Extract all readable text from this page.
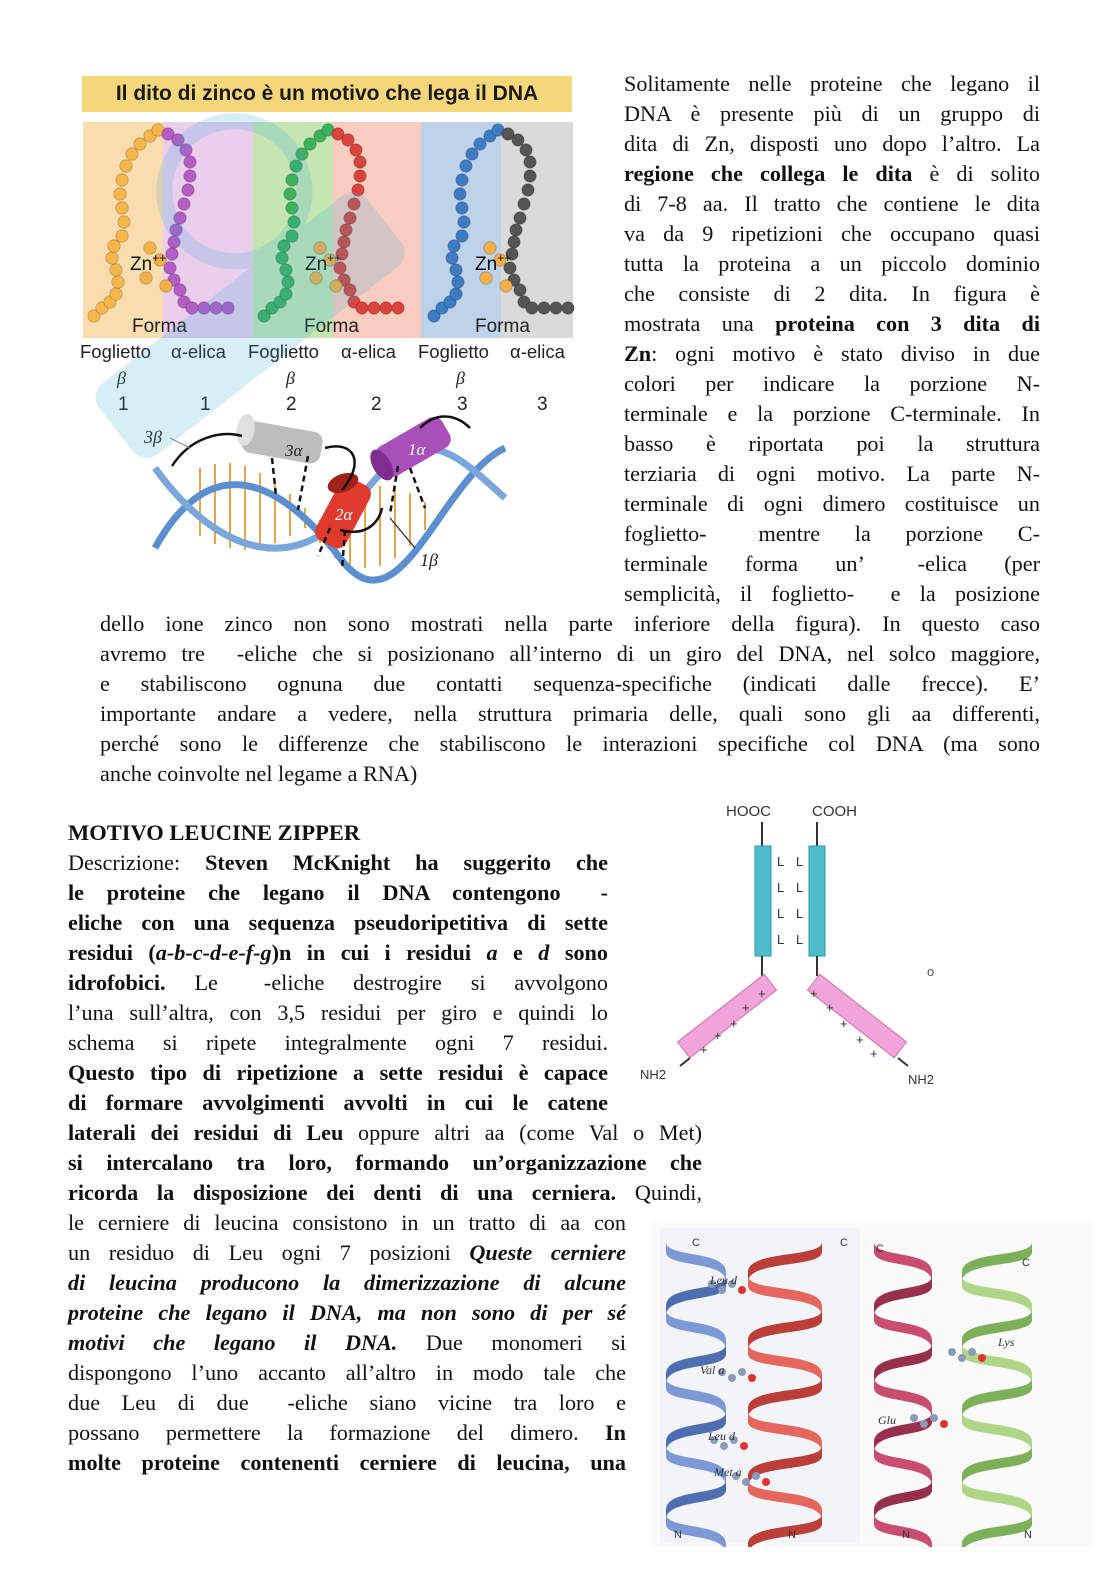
Il dito di zinco è un motivo che lega il DNA
Zn++	Zn++	Zn++
Forma	Forma	Forma
Foglietto α-elica Foglietto α-elica Foglietto α-elica
β	β	β
1	1	2	2	3	3
3α	1α
2α
3β
1β
Solitamente nelle proteine che legano il
DNA è presente più di un gruppo di
dita di Zn, disposti uno dopo l’altro. La
regione che collega le dita è di solito
di 7-8 aa. Il tratto che contiene le dita
va da 9 ripetizioni che occupano quasi
tutta la proteina a un piccolo dominio
che consiste di 2 dita. In figura è
mostrata una proteina con 3 dita di
Zn: ogni motivo è stato diviso in due
colori per indicare la porzione N-
terminale e la porzione C-terminale. In
basso è riportata poi la struttura
terziaria di ogni motivo. La parte N-
terminale di ogni dimero costituisce un
foglietto- mentre la porzione C-
terminale forma un’ -elica (per
semplicità, il foglietto- e la posizione
dello ione zinco non sono mostrati nella parte inferiore della figura). In questo caso
avremo tre -eliche che si posizionano all’interno di un giro del DNA, nel solco maggiore,
e stabiliscono ognuna due contatti sequenza-specifiche (indicati dalle frecce). E’
importante andare a vedere, nella struttura primaria delle, quali sono gli aa differenti,
perché sono le differenze che stabiliscono le interazioni specifiche col DNA (ma sono
anche coinvolte nel legame a RNA)
MOTIVO LEUCINE ZIPPER
Descrizione: Steven McKnight ha suggerito che
le proteine che legano il DNA contengono -
eliche con una sequenza pseudoripetitiva di sette
residui (a-b-c-d-e-f-g)n in cui i residui a e d sono
idrofobici. Le -eliche destrogire si avvolgono
l’una sull’altra, con 3,5 residui per giro e quindi lo
schema si ripete integralmente ogni 7 residui.
Questo tipo di ripetizione a sette residui è capace
di formare avvolgimenti avvolti in cui le catene
laterali dei residui di Leu oppure altri aa (come Val o Met)
si intercalano tra loro, formando un’organizzazione che
ricorda la disposizione dei denti di una cerniera. Quindi,
le cerniere di leucina consistono in un tratto di aa con
un residuo di Leu ogni 7 posizioni Queste cerniere
di leucina producono la dimerizzazione di alcune
proteine che legano il DNA, ma non sono di per sé
motivi che legano il DNA. Due monomeri si
dispongono l’uno accanto all’altro in modo tale che
due Leu di due -eliche siano vicine tra loro e
possano permettere la formazione del dimero. In
molte proteine contenenti cerniere di leucina, una
HOOC	COOH
L L
L L
L L
L L
+
+
+
+
+
+
+
+
+
+
NH2	NH2
o
Leu d
Val a
Leu d
Met a
Lys
Glu
C	C	C
C
N	N	N	N
